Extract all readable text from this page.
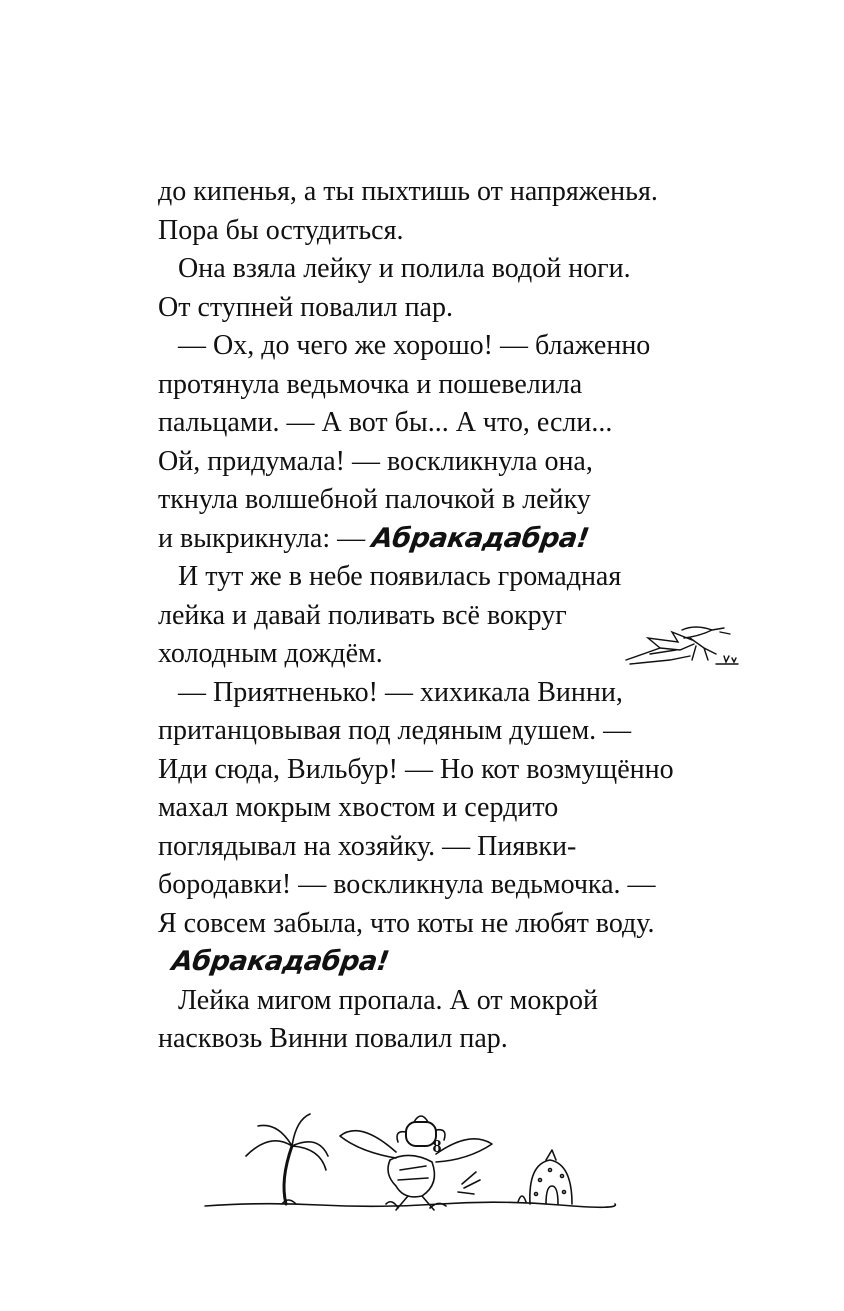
до кипенья, а ты пыхтишь от напряженья.
Пора бы остудиться.
Она взяла лейку и полила водой ноги.
От ступней повалил пар.
— Ох, до чего же хорошо! — блаженно
протянула ведьмочка и пошевелила
пальцами. — А вот бы... А что, если...
Ой, придумала! — воскликнула она,
ткнула волшебной палочкой в лейку
и выкрикнула: — Абракадабра!
И тут же в небе появилась громадная
лейка и давай поливать всё вокруг
холодным дождём.
— Приятненько! — хихикала Винни,
пританцовывая под ледяным душем. —
Иди сюда, Вильбур! — Но кот возмущённо
махал мокрым хвостом и сердито
поглядывал на хозяйку. — Пиявки-
бородавки! — воскликнула ведьмочка. —
Я совсем забыла, что коты не любят воду.
Абракадабра!
Лейка мигом пропала. А от мокрой
насквозь Винни повалил пар.
8
